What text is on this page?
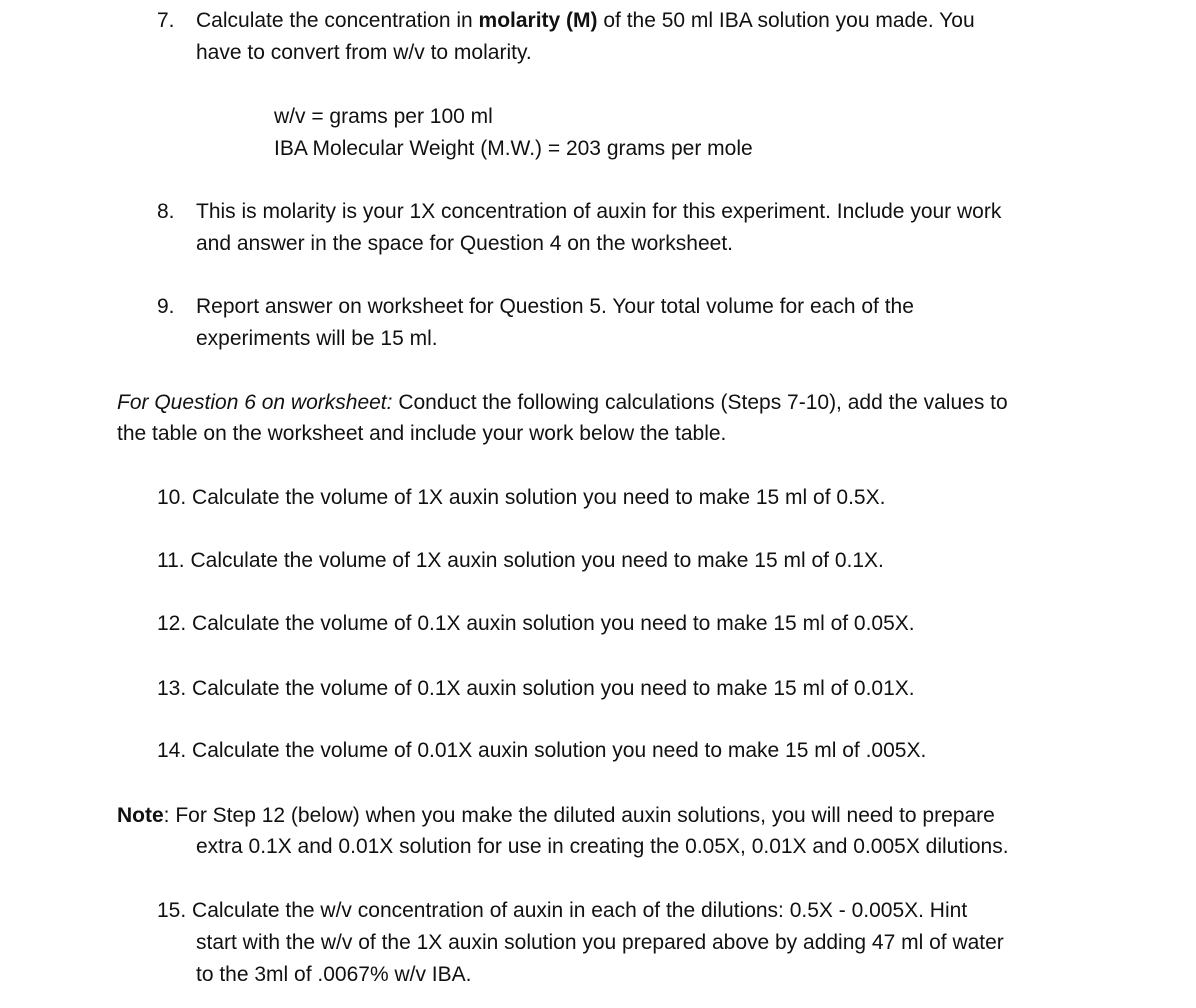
7. Calculate the concentration in molarity (M) of the 50 ml IBA solution you made. You
have to convert from w/v to molarity.
w/v = grams per 100 ml
IBA Molecular Weight (M.W.) = 203 grams per mole
8. This is molarity is your 1X concentration of auxin for this experiment. Include your work
and answer in the space for Question 4 on the worksheet.
9. Report answer on worksheet for Question 5. Your total volume for each of the
experiments will be 15 ml.
For Question 6 on worksheet: Conduct the following calculations (Steps 7-10), add the values to
the table on the worksheet and include your work below the table.
10. Calculate the volume of 1X auxin solution you need to make 15 ml of 0.5X.
11. Calculate the volume of 1X auxin solution you need to make 15 ml of 0.1X.
12. Calculate the volume of 0.1X auxin solution you need to make 15 ml of 0.05X.
13. Calculate the volume of 0.1X auxin solution you need to make 15 ml of 0.01X.
14. Calculate the volume of 0.01X auxin solution you need to make 15 ml of .005X.
Note: For Step 12 (below) when you make the diluted auxin solutions, you will need to prepare
extra 0.1X and 0.01X solution for use in creating the 0.05X, 0.01X and 0.005X dilutions.
15. Calculate the w/v concentration of auxin in each of the dilutions: 0.5X - 0.005X. Hint
start with the w/v of the 1X auxin solution you prepared above by adding 47 ml of water
to the 3ml of .0067% w/v IBA.
